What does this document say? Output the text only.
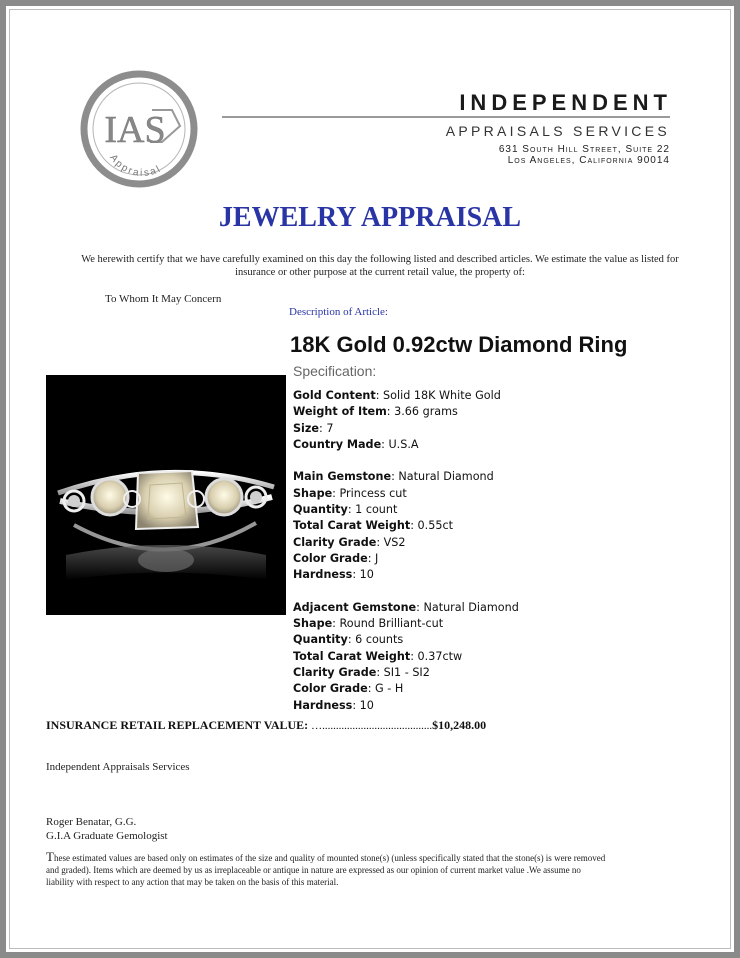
IAS
Appraisal
INDEPENDENT
APPRAISALS SERVICES
631 South Hill Street, Suite 22
Los Angeles, California 90014
JEWELRY APPRAISAL
We herewith certify that we have carefully examined on this day the following listed and described articles. We estimate the value as listed for insurance or other purpose at the current retail value, the property of:
To Whom It May Concern
Description of Article:
18K Gold 0.92ctw Diamond Ring
Specification:
Gold Content: Solid 18K White Gold
Weight of Item: 3.66 grams
Size: 7
Country Made: U.S.A
Main Gemstone: Natural Diamond
Shape: Princess cut
Quantity: 1 count
Total Carat Weight: 0.55ct
Clarity Grade: VS2
Color Grade: J
Hardness: 10
Adjacent Gemstone: Natural Diamond
Shape: Round Brilliant-cut
Quantity: 6 counts
Total Carat Weight: 0.37ctw
Clarity Grade: SI1 - SI2
Color Grade: G - H
Hardness: 10
INSURANCE RETAIL REPLACEMENT VALUE: …........................................$10,248.00
Independent Appraisals Services
Roger Benatar, G.G.
G.I.A Graduate Gemologist
These estimated values are based only on estimates of the size and quality of mounted stone(s) (unless specifically stated that the stone(s) is were removed and graded). Items which are deemed by us as irreplaceable or antique in nature are expressed as our opinion of current market value .We assume no liability with respect to any action that may be taken on the basis of this material.
